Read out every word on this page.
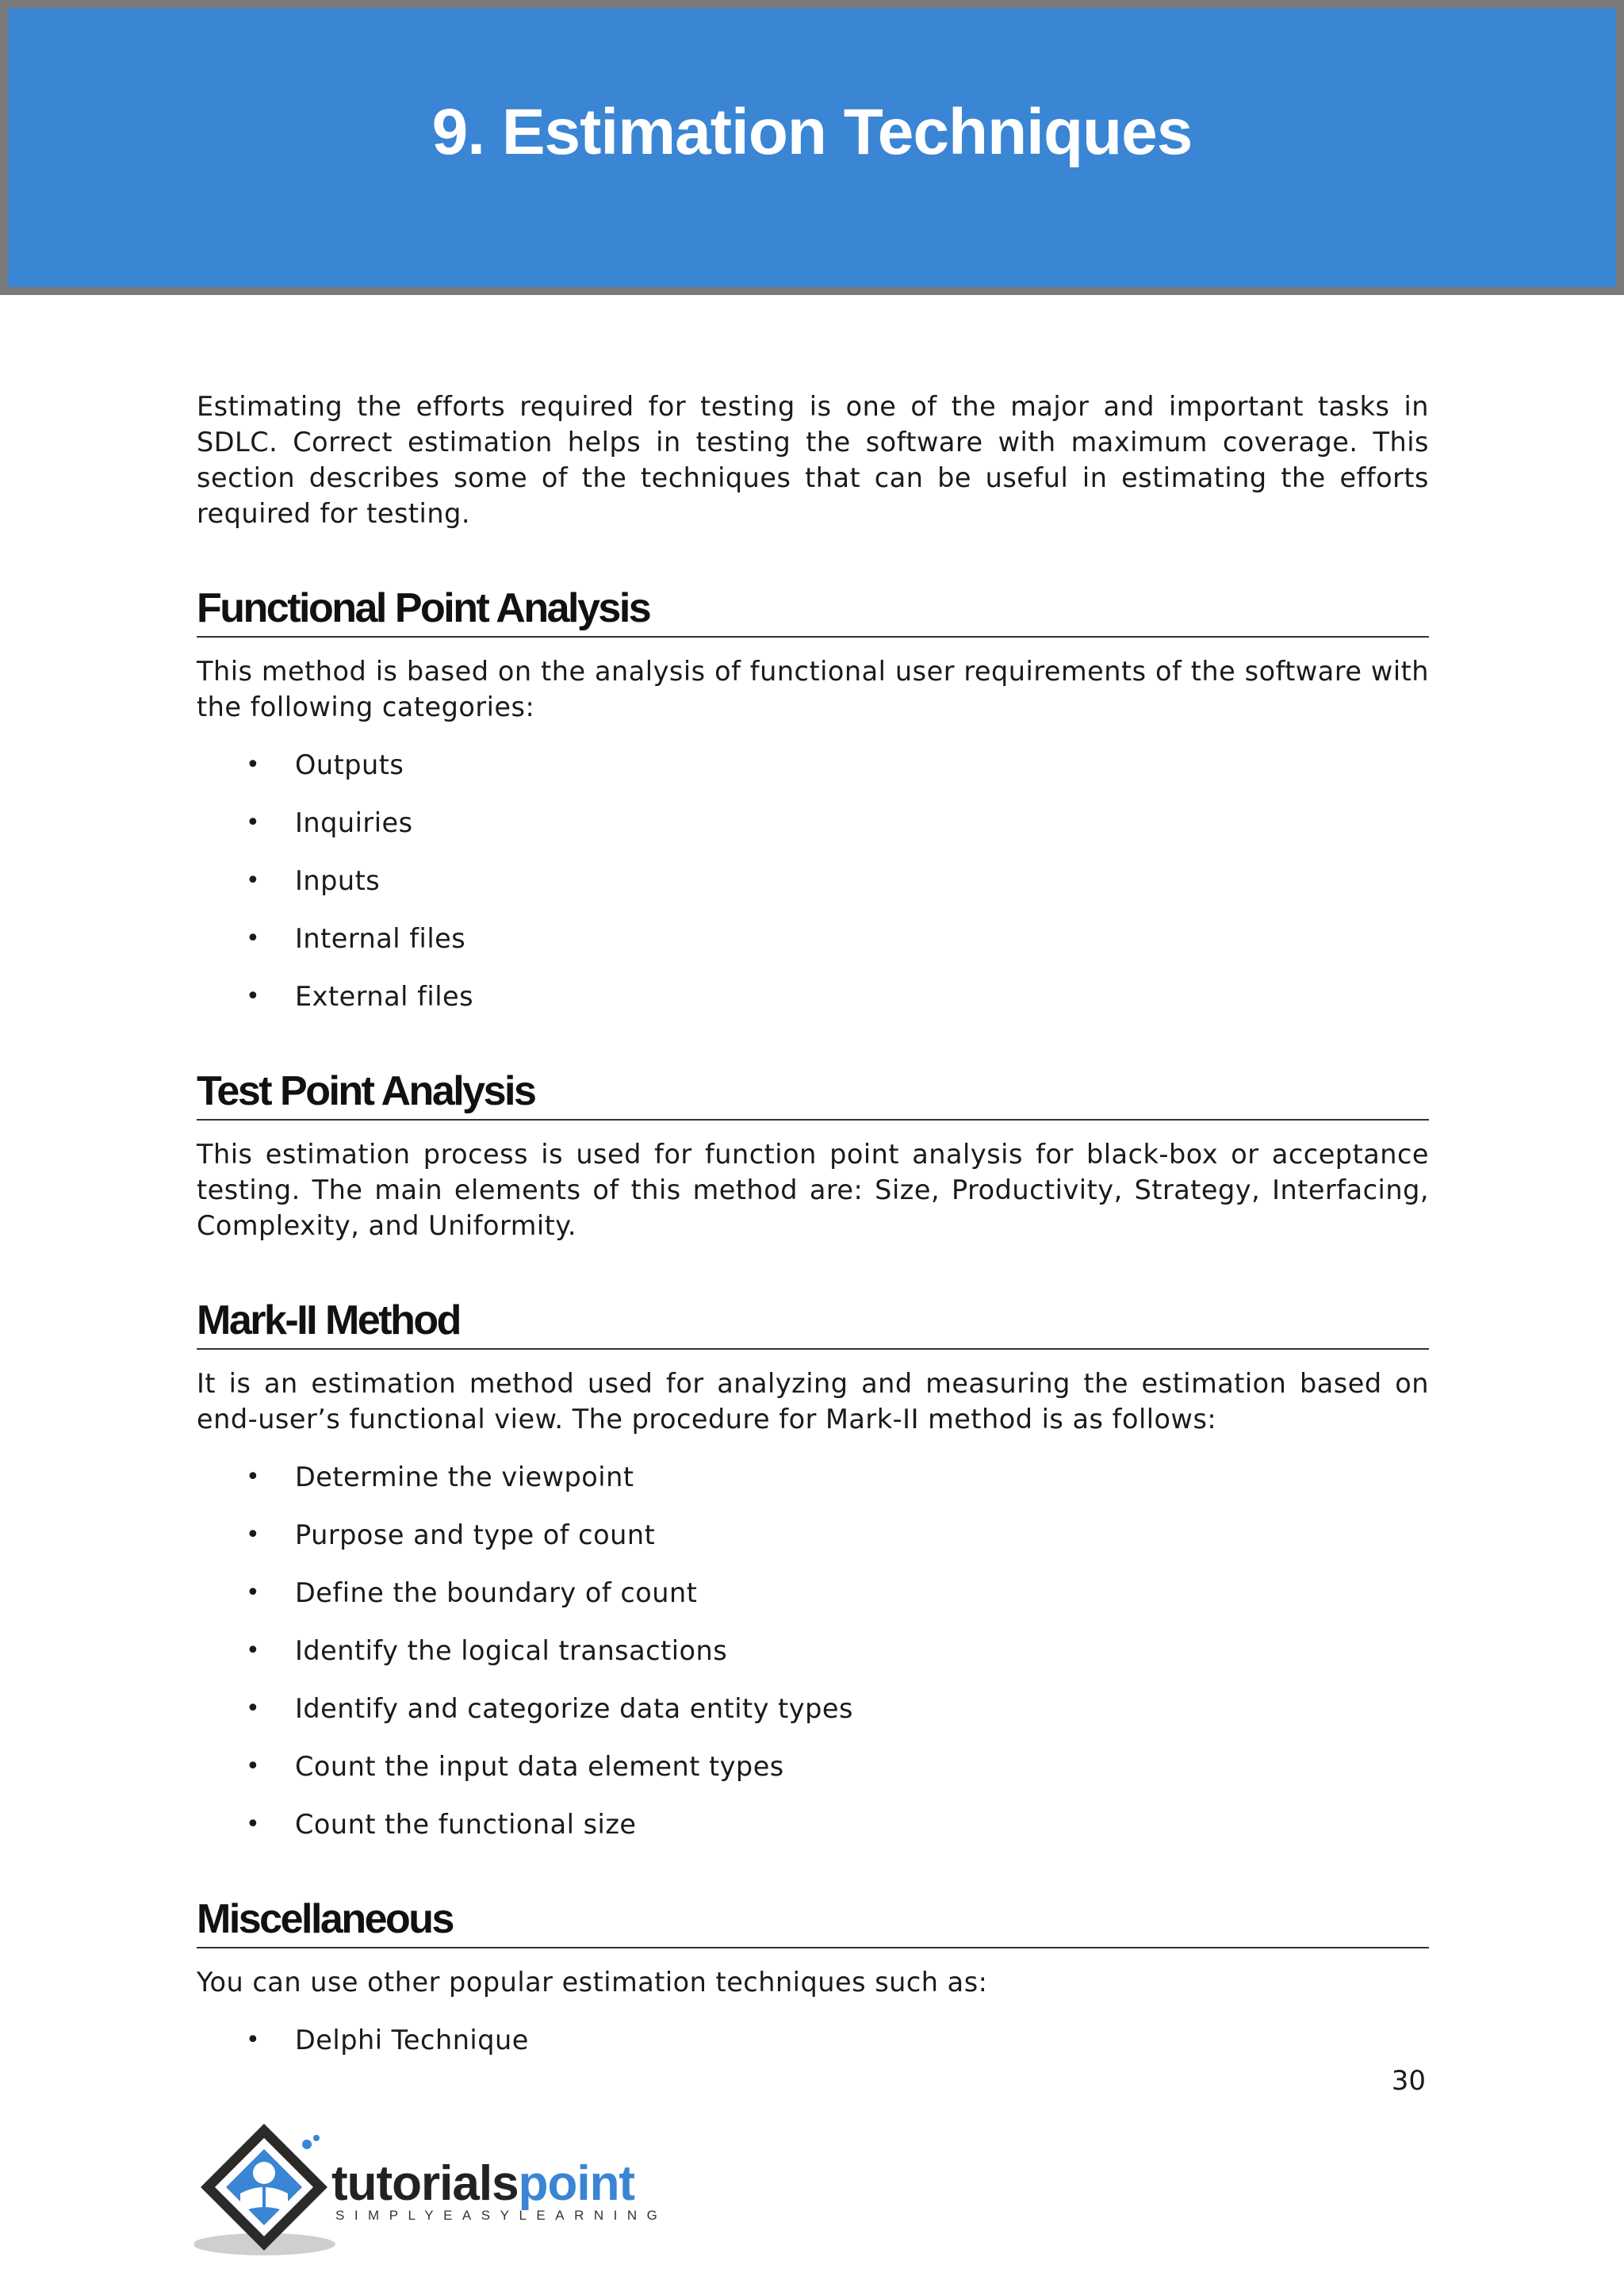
9. Estimation Techniques

Estimating the efforts required for testing is one of the major and important tasks in SDLC. Correct estimation helps in testing the software with maximum coverage. This section describes some of the techniques that can be useful in estimating the efforts required for testing.

Functional Point Analysis

This method is based on the analysis of functional user requirements of the software with the following categories:

• Outputs
• Inquiries
• Inputs
• Internal files
• External files
Test Point Analysis

This estimation process is used for function point analysis for black-box or acceptance testing. The main elements of this method are: Size, Productivity, Strategy, Interfacing, Complexity, and Uniformity.

Mark-II Method

It is an estimation method used for analyzing and measuring the estimation based on end-user’s functional view. The procedure for Mark-II method is as follows:

• Determine the viewpoint
• Purpose and type of count
• Define the boundary of count
• Identify the logical transactions
• Identify and categorize data entity types
• Count the input data element types
• Count the functional size
Miscellaneous

You can use other popular estimation techniques such as:

• Delphi Technique
30
tutorialspoint
SIMPLYEASYLEARNING
